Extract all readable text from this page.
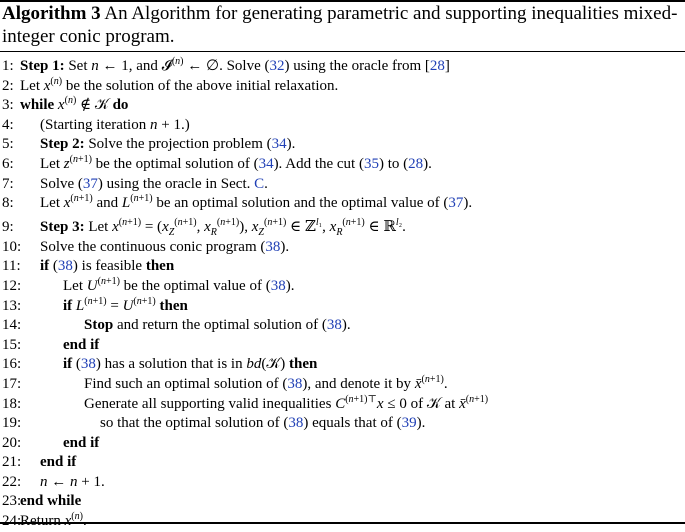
Algorithm 3 An Algorithm for generating parametric and supporting inequalities mixed-integer conic program.
1: Step 1: Set n ← 1, and 𝓘$^{(n)}$ ← ∅. Solve (32) using the oracle from [28]
2: Let $x^{(n)}$ be the solution of the above initial relaxation.
3: while $x^{(n)}$ ∉ 𝒦 do
4:	(Starting iteration n + 1.)
5:	Step 2: Solve the projection problem (34).
6:	Let $z^{(n+1)}$ be the optimal solution of (34). Add the cut (35) to (28).
7:	Solve (37) using the oracle in Sect. C.
8:	Let $x^{(n+1)}$ and $L^{(n+1)}$ be an optimal solution and the optimal value of (37).
9:	Step 3: Let $x^{(n+1)} = (x_Z^{(n+1)}$, $x_R^{(n+1)}$), $x_Z^{(n+1)}$ ∈ ℤ$^{l_1}$, $x_R^{(n+1)}$ ∈ ℝ$^{l_2}$.
10:	Solve the continuous conic program (38).
11:	if (38) is feasible then
12:	Let $U^{(n+1)}$ be the optimal value of (38).
13:	if $L^{(n+1)} = U^{(n+1)}$ then
14:	Stop and return the optimal solution of (38).
15:	end if
16:	if (38) has a solution that is in bd(𝒦) then
17:	Find such an optimal solution of (38), and denote it by x̄$^{(n+1)}$.
18:	Generate all supporting valid inequalities $C^{(n+1)⊤}x \le 0$ of 𝒦 at x̄$^{(n+1)}$
19:	so that the optimal solution of (38) equals that of (39).
20:	end if
21:	end if
22:	n ← n + 1.
23:
end while
$^{(n)}$
